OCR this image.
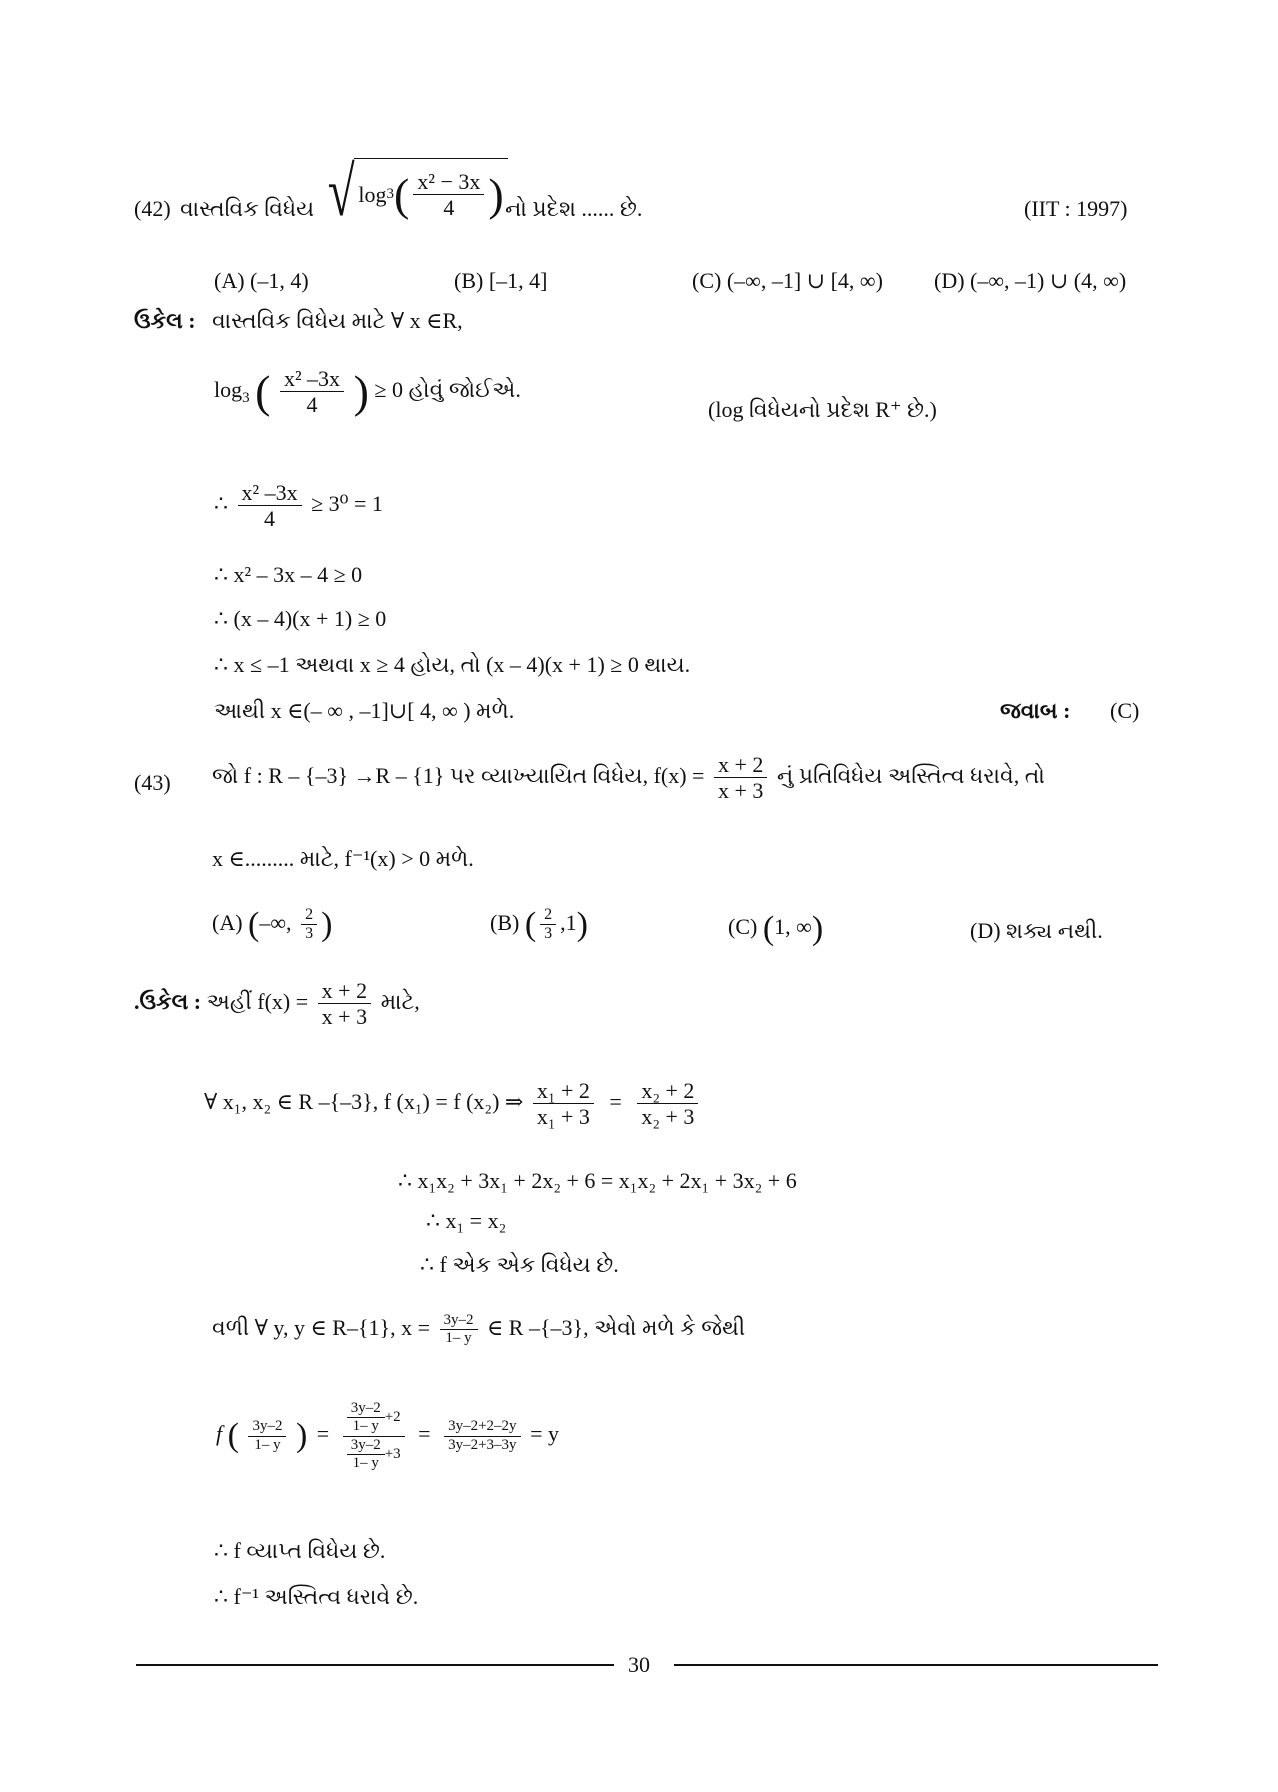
(42) વાસ્તવિક વિધેય √ log 3 ( $\frac{\text{x² − 3x}}{4}$ ) નો પ્રદેશ ...... છે.	(IIT : 1997)
(A) (–1, 4)	(B) [–1, 4]	(C) (–∞, –1] ∪ [4, ∞) (D) (–∞, –1) ∪ (4, ∞)
ઉકેલ : વાસ્તવિક વિધેય માટે ∀ x ∈R,
$\log_3$ ( $\frac{\text{x² –3x}}{4}$ ) ≥ 0 હોવું જોઈએ.
(log વિધેયનો પ્રદેશ R⁺ છે.)
∴ $\frac{\text{x² –3x}}{4} \ge 3^0 = 1$
∴ x² – 3x – 4 ≥ 0
∴ (x – 4)(x + 1) ≥ 0
∴ x ≤ –1 અથવા x ≥ 4 હોય, તો (x – 4)(x + 1) ≥ 0 થાય.
આથી x ∈(– ∞ , –1]∪[ 4, ∞ ) મળે.	જવાબ : (C)
(43) જો f : R – {–3} →R – {1} પર વ્યાખ્યાયિત વિધેય, $f(x) = \frac{x + 2}{x + 3}$ નું પ્રતિવિધેય અસ્તિત્વ ધરાવે, તો
x ∈......... માટે, f⁻¹(x) > 0 મળે.
(A) (–∞, $\frac{2}{3}$ )	(B) ( $\frac{2}{3} ,1$)	(C) (1, ∞)	(D) શક્ય નથી.
.ઉકેલ : અહીં $f(x) = \frac{x + 2}{x + 3}$ માટે,
∀ x₁, x₂ ∈ R –{–3}, f (x₁) = f (x₂) ⇒ $\frac{\text{x₁ + 2}}{\text{x₁ + 3}} = \frac{\text{x₂ + 2}}{\text{x₂ + 3}}$
∴ x₁x₂ + 3x₁ + 2x₂ + 6 = x₁x₂ + 2x₁ + 3x₂ + 6
∴ x₁ = x₂
∴ f એક એક વિધેય છે.
વળી ∀ y, y ∈ R–{1}, $x = \frac{3y-2}{1- y}$ ∈ R –{–3}, એવો મળે કે જેથી
f ( $\frac{3y-2}{1- y}$ ) = $\frac{\frac{3y-2}{1- y} +2}{\frac{3y-2}{1- y} +3} = \frac{3y-2+2-2y}{3y-2+3-3y} = y$
∴ f વ્યાપ્ત વિધેય છે.
∴ f⁻¹ અસ્તિત્વ ધરાવે છે.
30
